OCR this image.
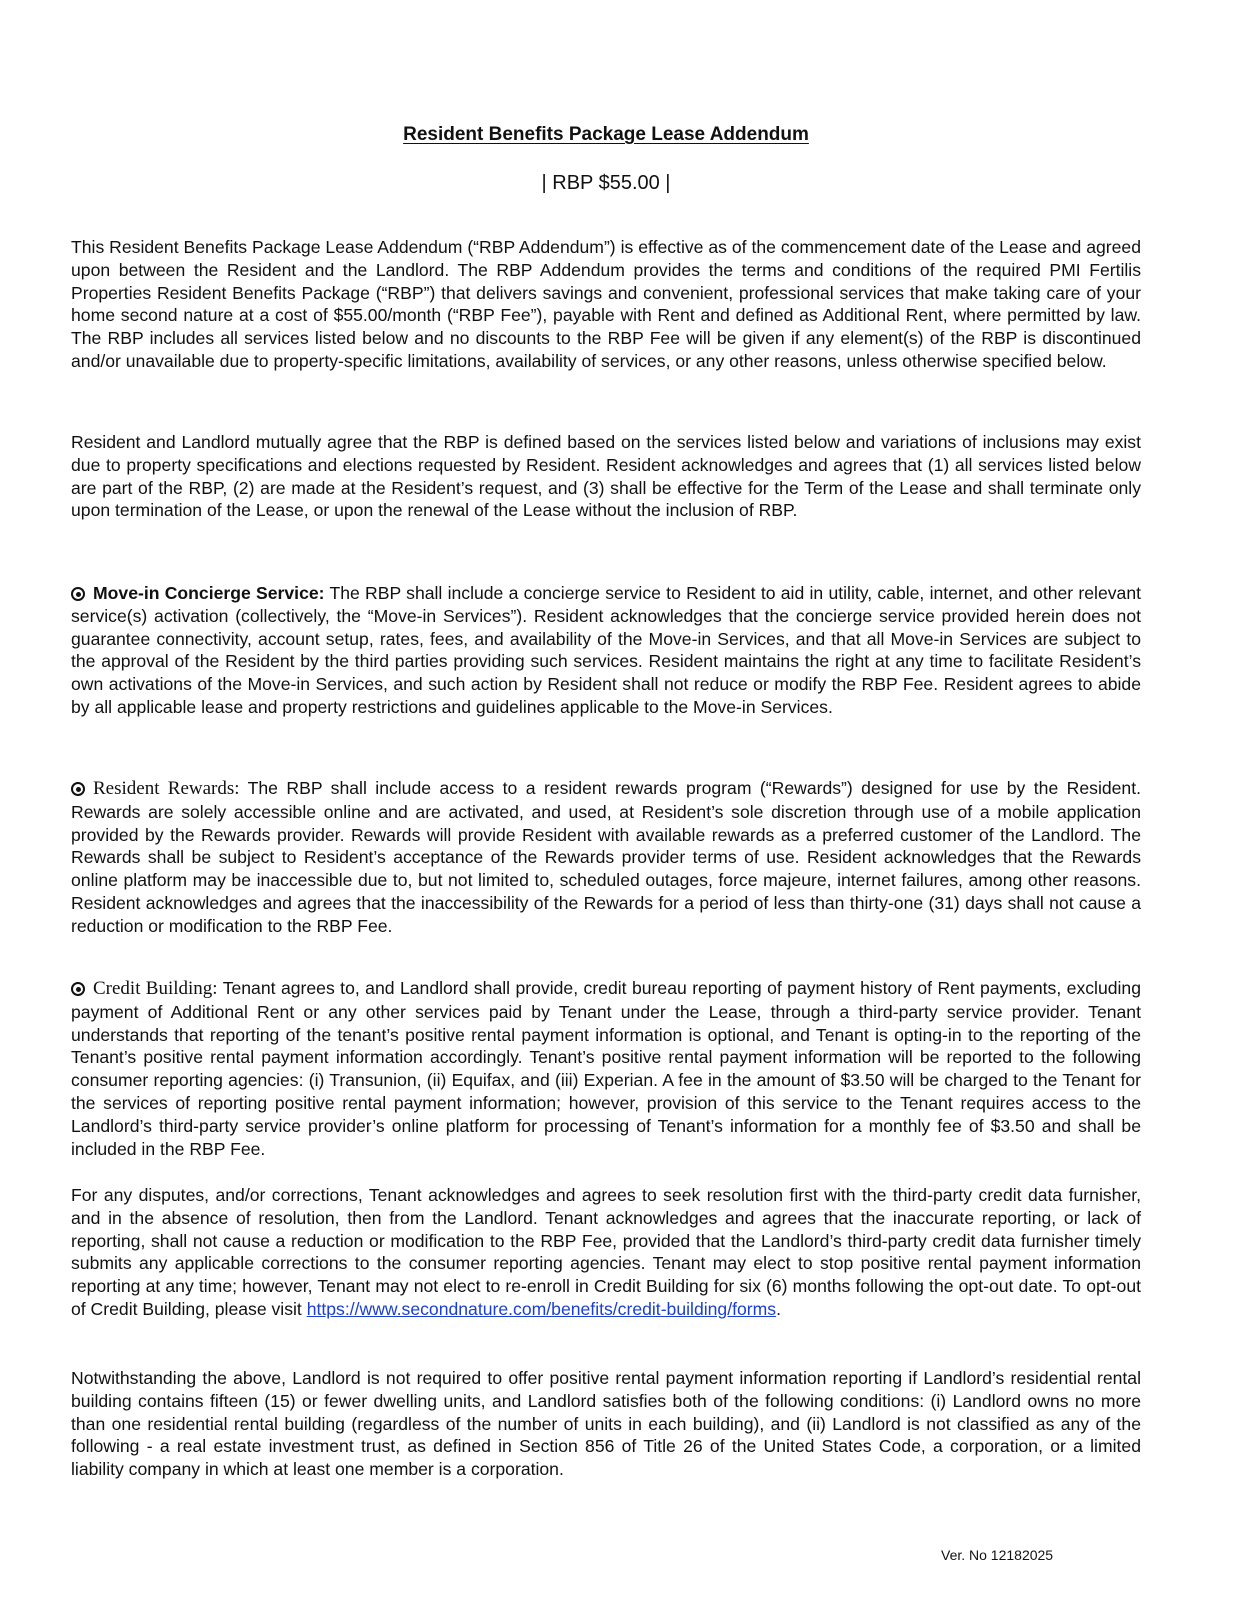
Resident Benefits Package Lease Addendum
| RBP $55.00 |

This Resident Benefits Package Lease Addendum (“RBP Addendum”) is effective as of the commencement date of the Lease and agreed upon between the Resident and the Landlord. The RBP Addendum provides the terms and conditions of the required PMI Fertilis Properties Resident Benefits Package (“RBP”) that delivers savings and convenient, professional services that make taking care of your home second nature at a cost of $55.00/month (“RBP Fee”), payable with Rent and defined as Additional Rent, where permitted by law. The RBP includes all services listed below and no discounts to the RBP Fee will be given if any element(s) of the RBP is discontinued and/or unavailable due to property-specific limitations, availability of services, or any other reasons, unless otherwise specified below.

Resident and Landlord mutually agree that the RBP is defined based on the services listed below and variations of inclusions may exist due to property specifications and elections requested by Resident. Resident acknowledges and agrees that (1) all services listed below are part of the RBP, (2) are made at the Resident’s request, and (3) shall be effective for the Term of the Lease and shall terminate only upon termination of the Lease, or upon the renewal of the Lease without the inclusion of RBP.

Move-in Concierge Service: The RBP shall include a concierge service to Resident to aid in utility, cable, internet, and other relevant service(s) activation (collectively, the “Move-in Services”). Resident acknowledges that the concierge service provided herein does not guarantee connectivity, account setup, rates, fees, and availability of the Move-in Services, and that all Move-in Services are subject to the approval of the Resident by the third parties providing such services. Resident maintains the right at any time to facilitate Resident’s own activations of the Move-in Services, and such action by Resident shall not reduce or modify the RBP Fee. Resident agrees to abide by all applicable lease and property restrictions and guidelines applicable to the Move-in Services.

Resident Rewards: The RBP shall include access to a resident rewards program (“Rewards”) designed for use by the Resident. Rewards are solely accessible online and are activated, and used, at Resident’s sole discretion through use of a mobile application provided by the Rewards provider. Rewards will provide Resident with available rewards as a preferred customer of the Landlord. The Rewards shall be subject to Resident’s acceptance of the Rewards provider terms of use. Resident acknowledges that the Rewards online platform may be inaccessible due to, but not limited to, scheduled outages, force majeure, internet failures, among other reasons. Resident acknowledges and agrees that the inaccessibility of the Rewards for a period of less than thirty-one (31) days shall not cause a reduction or modification to the RBP Fee.

Credit Building: Tenant agrees to, and Landlord shall provide, credit bureau reporting of payment history of Rent payments, excluding payment of Additional Rent or any other services paid by Tenant under the Lease, through a third-party service provider. Tenant understands that reporting of the tenant’s positive rental payment information is optional, and Tenant is opting-in to the reporting of the Tenant’s positive rental payment information accordingly. Tenant’s positive rental payment information will be reported to the following consumer reporting agencies: (i) Transunion, (ii) Equifax, and (iii) Experian. A fee in the amount of $3.50 will be charged to the Tenant for the services of reporting positive rental payment information; however, provision of this service to the Tenant requires access to the Landlord’s third-party service provider’s online platform for processing of Tenant’s information for a monthly fee of $3.50 and shall be included in the RBP Fee.

For any disputes, and/or corrections, Tenant acknowledges and agrees to seek resolution first with the third-party credit data furnisher, and in the absence of resolution, then from the Landlord. Tenant acknowledges and agrees that the inaccurate reporting, or lack of reporting, shall not cause a reduction or modification to the RBP Fee, provided that the Landlord’s third-party credit data furnisher timely submits any applicable corrections to the consumer reporting agencies. Tenant may elect to stop positive rental payment information reporting at any time; however, Tenant may not elect to re-enroll in Credit Building for six (6) months following the opt-out date. To opt-out of Credit Building, please visit https://www.secondnature.com/benefits/credit-building/forms.

Notwithstanding the above, Landlord is not required to offer positive rental payment information reporting if Landlord’s residential rental building contains fifteen (15) or fewer dwelling units, and Landlord satisfies both of the following conditions: (i) Landlord owns no more than one residential rental building (regardless of the number of units in each building), and (ii) Landlord is not classified as any of the following - a real estate investment trust, as defined in Section 856 of Title 26 of the United States Code, a corporation, or a limited liability company in which at least one member is a corporation.

Ver. No 12182025
